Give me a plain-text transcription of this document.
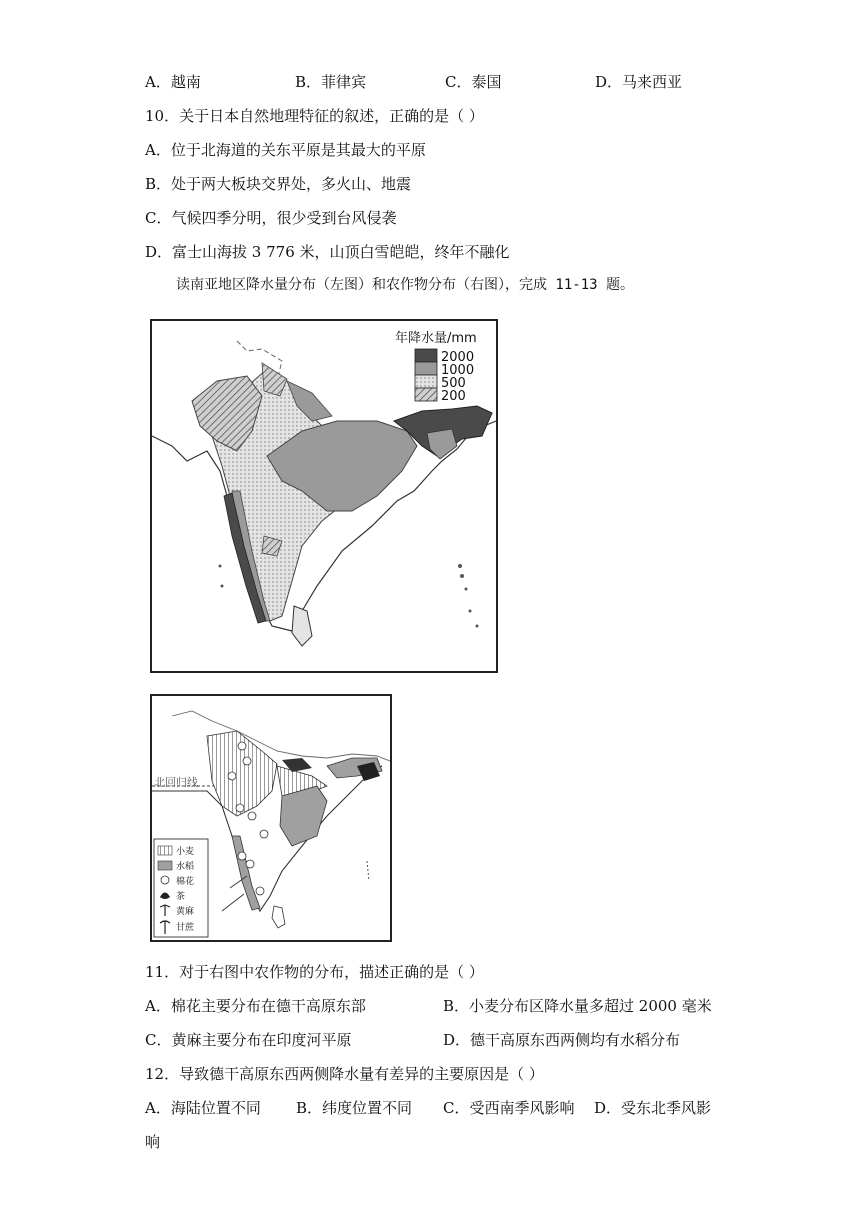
A．越南	B．菲律宾	C．泰国	D．马来西亚
10．关于日本自然地理特征的叙述，正确的是（ ）
A．位于北海道的关东平原是其最大的平原
B．处于两大板块交界处，多火山、地震
C．气候四季分明，很少受到台风侵袭
D．富士山海拔 3 776 米，山顶白雪皑皑，终年不融化
读南亚地区降水量分布（左图）和农作物分布（右图），完成 11-13 题。
年降水量/mm
2000
1000
500
200
北回归线
小麦
水稻
棉花
茶
黄麻
甘蔗
11．对于右图中农作物的分布，描述正确的是（ ）
A．棉花主要分布在德干高原东部	B．小麦分布区降水量多超过 2000 毫米
C．黄麻主要分布在印度河平原	D．德干高原东西两侧均有水稻分布
12．导致德干高原东西两侧降水量有差异的主要原因是（ ）
A．海陆位置不同 B．纬度位置不同 C．受西南季风影响 D．受东北季风影
响
